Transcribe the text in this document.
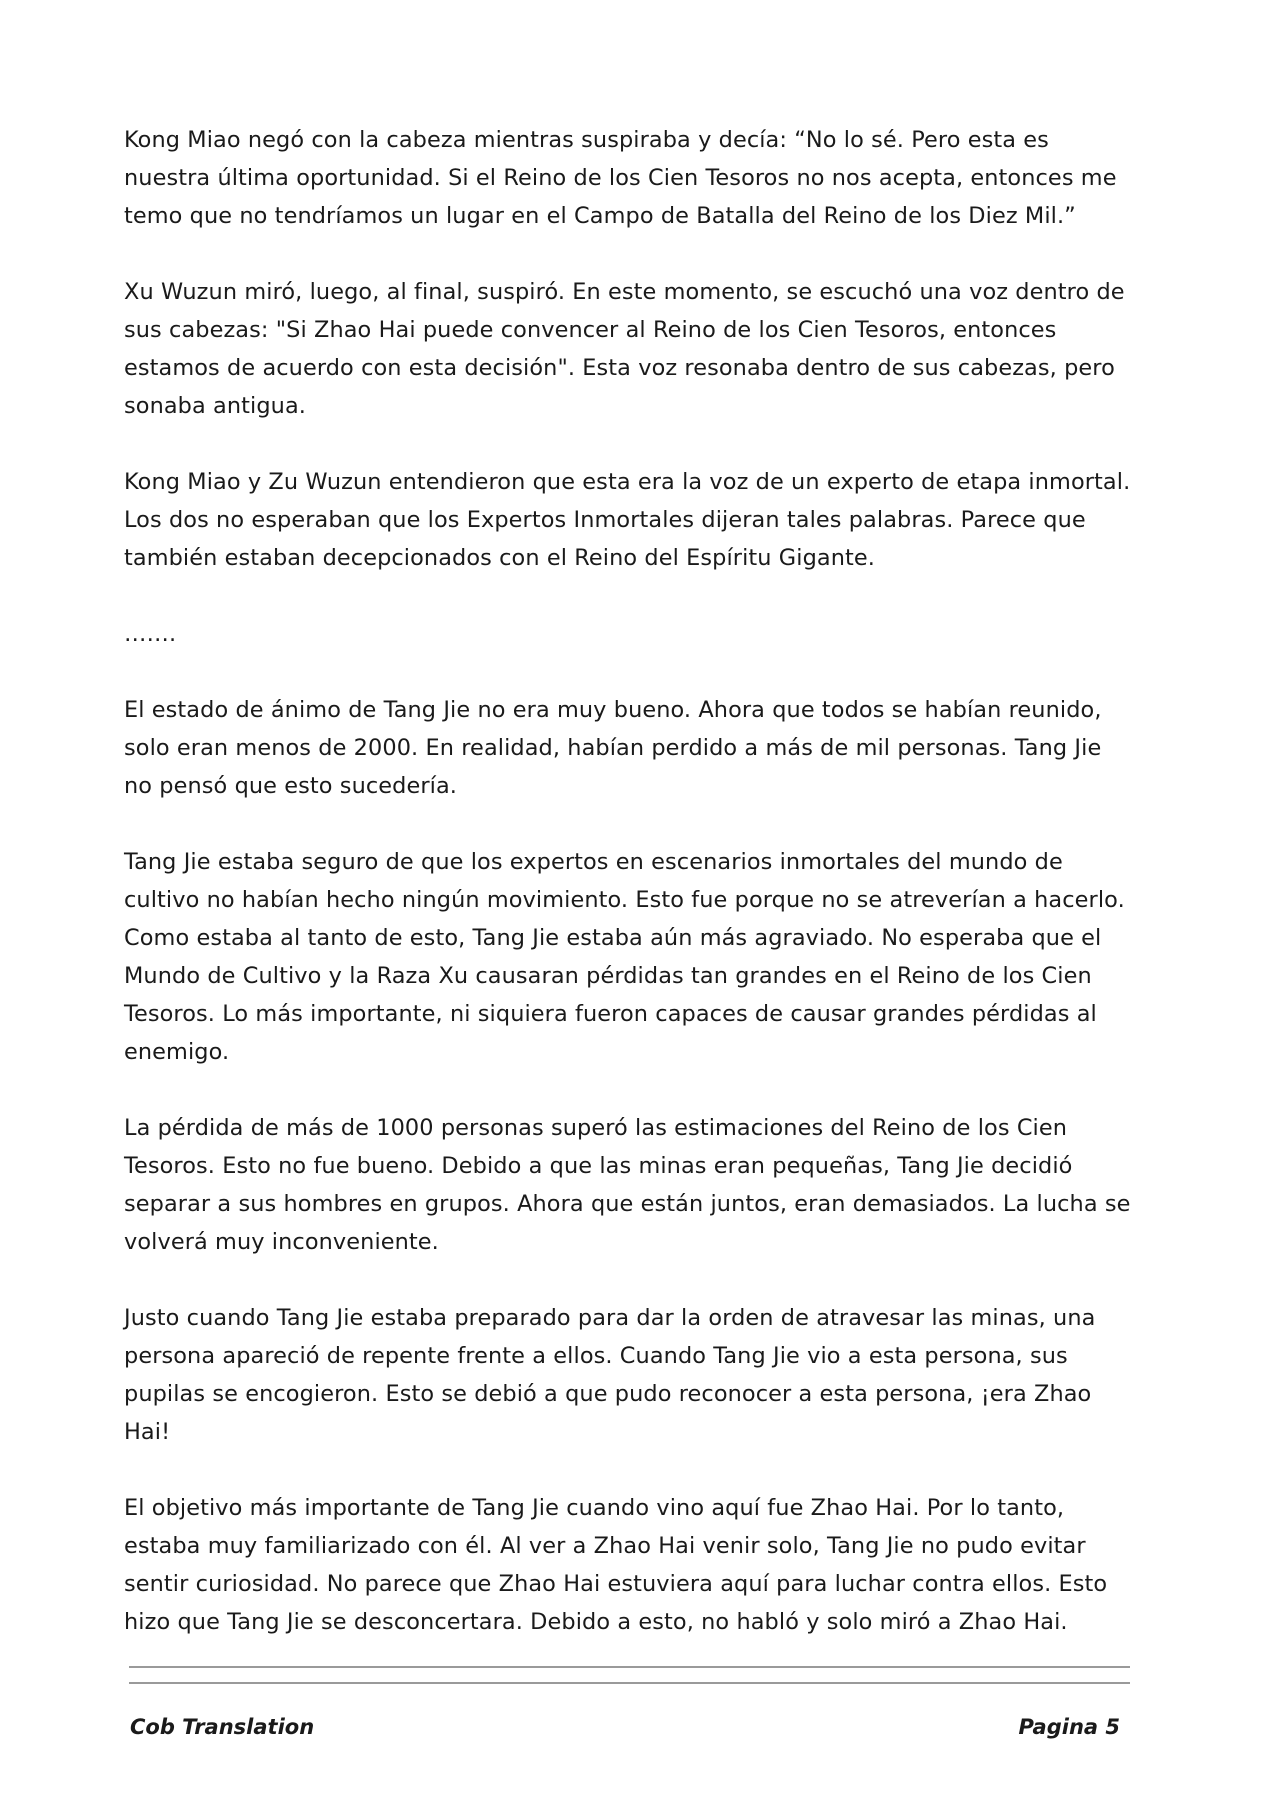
Kong Miao negó con la cabeza mientras suspiraba y decía: “No lo sé. Pero esta es nuestra última oportunidad. Si el Reino de los Cien Tesoros no nos acepta, entonces me temo que no tendríamos un lugar en el Campo de Batalla del Reino de los Diez Mil.”

Xu Wuzun miró, luego, al final, suspiró. En este momento, se escuchó una voz dentro de sus cabezas: "Si Zhao Hai puede convencer al Reino de los Cien Tesoros, entonces estamos de acuerdo con esta decisión". Esta voz resonaba dentro de sus cabezas, pero sonaba antigua.

Kong Miao y Zu Wuzun entendieron que esta era la voz de un experto de etapa inmortal. Los dos no esperaban que los Expertos Inmortales dijeran tales palabras. Parece que también estaban decepcionados con el Reino del Espíritu Gigante.

…….

El estado de ánimo de Tang Jie no era muy bueno. Ahora que todos se habían reunido, solo eran menos de 2000. En realidad, habían perdido a más de mil personas. Tang Jie no pensó que esto sucedería.

Tang Jie estaba seguro de que los expertos en escenarios inmortales del mundo de cultivo no habían hecho ningún movimiento. Esto fue porque no se atreverían a hacerlo. Como estaba al tanto de esto, Tang Jie estaba aún más agraviado. No esperaba que el Mundo de Cultivo y la Raza Xu causaran pérdidas tan grandes en el Reino de los Cien Tesoros. Lo más importante, ni siquiera fueron capaces de causar grandes pérdidas al enemigo.

La pérdida de más de 1000 personas superó las estimaciones del Reino de los Cien Tesoros. Esto no fue bueno. Debido a que las minas eran pequeñas, Tang Jie decidió separar a sus hombres en grupos. Ahora que están juntos, eran demasiados. La lucha se volverá muy inconveniente.

Justo cuando Tang Jie estaba preparado para dar la orden de atravesar las minas, una persona apareció de repente frente a ellos. Cuando Tang Jie vio a esta persona, sus pupilas se encogieron. Esto se debió a que pudo reconocer a esta persona, ¡era Zhao Hai!

El objetivo más importante de Tang Jie cuando vino aquí fue Zhao Hai. Por lo tanto, estaba muy familiarizado con él. Al ver a Zhao Hai venir solo, Tang Jie no pudo evitar sentir curiosidad. No parece que Zhao Hai estuviera aquí para luchar contra ellos. Esto hizo que Tang Jie se desconcertara. Debido a esto, no habló y solo miró a Zhao Hai.

Cob Translation	Pagina 5
